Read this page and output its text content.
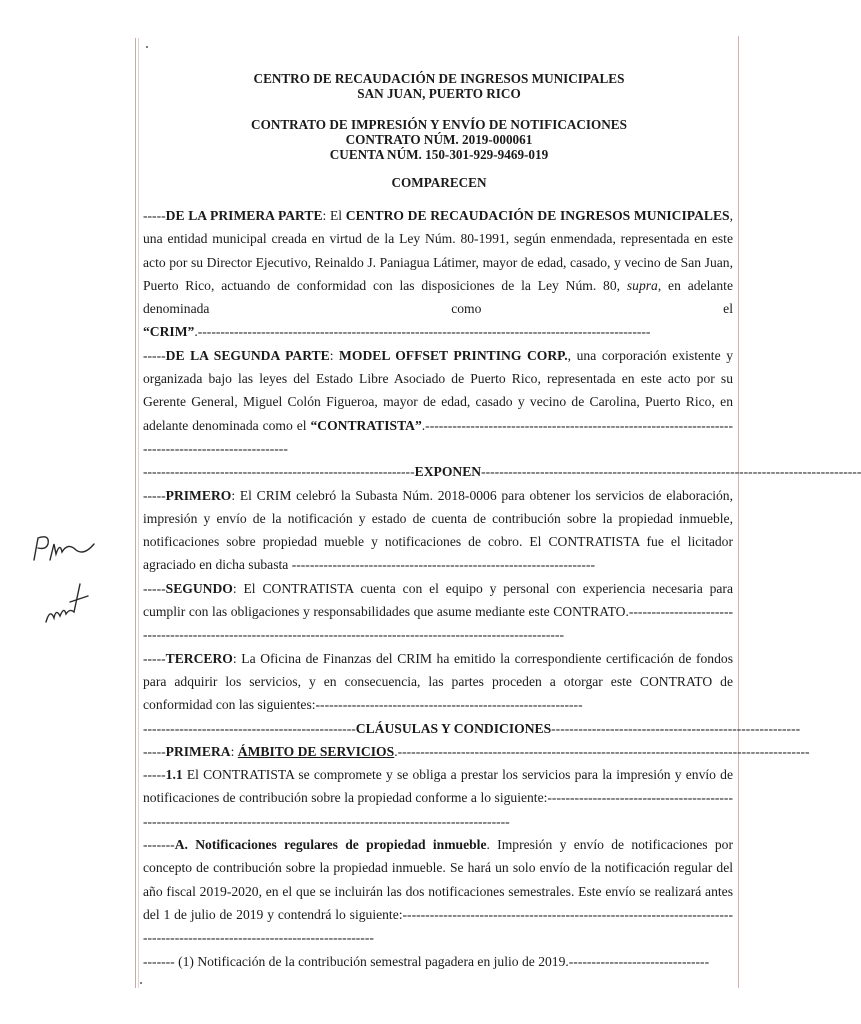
CENTRO DE RECAUDACIÓN DE INGRESOS MUNICIPALES
SAN JUAN, PUERTO RICO
CONTRATO DE IMPRESIÓN Y ENVÍO DE NOTIFICACIONES
CONTRATO NÚM. 2019-000061
CUENTA NÚM. 150-301-929-9469-019
COMPARECEN

-----DE LA PRIMERA PARTE: El CENTRO DE RECAUDACIÓN DE INGRESOS MUNICIPALES, una entidad municipal creada en virtud de la Ley Núm. 80-1991, según enmendada, representada en este acto por su Director Ejecutivo, Reinaldo J. Paniagua Látimer, mayor de edad, casado, y vecino de San Juan, Puerto Rico, actuando de conformidad con las disposiciones de la Ley Núm. 80, supra, en adelante denominada como el “CRIM”.----------------------------------------------------------------------------------------------------

-----DE LA SEGUNDA PARTE: MODEL OFFSET PRINTING CORP., una corporación existente y organizada bajo las leyes del Estado Libre Asociado de Puerto Rico, representada en este acto por su Gerente General, Miguel Colón Figueroa, mayor de edad, casado y vecino de Carolina, Puerto Rico, en adelante denominada como el “CONTRATISTA”.----------------------------------------------------------------------------------------------------

------------------------------------------------------------EXPONEN------------------------------------------------------------------------------------

-----PRIMERO: El CRIM celebró la Subasta Núm. 2018-0006 para obtener los servicios de elaboración, impresión y envío de la notificación y estado de cuenta de contribución sobre la propiedad inmueble, notificaciones sobre propiedad mueble y notificaciones de cobro. El CONTRATISTA fue el licitador agraciado en dicha subasta -------------------------------------------------------------------

-----SEGUNDO: El CONTRATISTA cuenta con el equipo y personal con experiencia necesaria para cumplir con las obligaciones y responsabilidades que asume mediante este CONTRATO.--------------------------------------------------------------------------------------------------------------------

-----TERCERO: La Oficina de Finanzas del CRIM ha emitido la correspondiente certificación de fondos para adquirir los servicios, y en consecuencia, las partes proceden a otorgar este CONTRATO de conformidad con las siguientes:-----------------------------------------------------------

-----------------------------------------------CLÁUSULAS Y CONDICIONES-------------------------------------------------------
-----PRIMERA: ÁMBITO DE SERVICIOS.-------------------------------------------------------------------------------------------

-----1.1 El CONTRATISTA se compromete y se obliga a prestar los servicios para la impresión y envío de notificaciones de contribución sobre la propiedad conforme a lo siguiente:--------------------------------------------------------------------------------------------------------------------------

-------A. Notificaciones regulares de propiedad inmueble. Impresión y envío de notificaciones por concepto de contribución sobre la propiedad inmueble. Se hará un solo envío de la notificación regular del año fiscal 2019-2020, en el que se incluirán las dos notificaciones semestrales. Este envío se realizará antes del 1 de julio de 2019 y contendrá lo siguiente:----------------------------------------------------------------------------------------------------------------------------

------- (1) Notificación de la contribución semestral pagadera en julio de 2019.-------------------------------
